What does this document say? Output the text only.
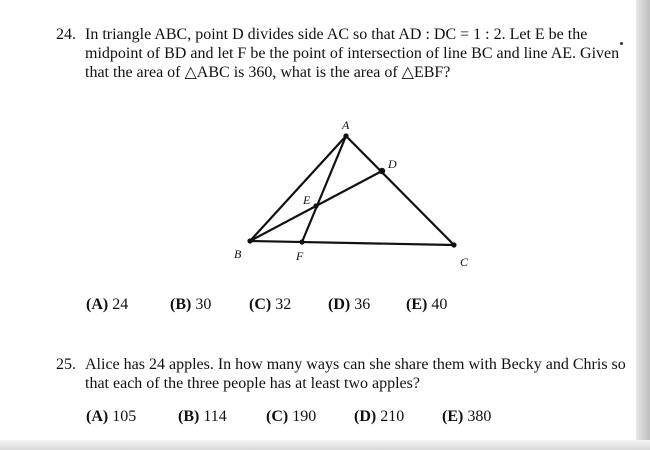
24. In triangle ABC, point D divides side AC so that AD : DC = 1 : 2. Let E be the midpoint of BD and let F be the point of intersection of line BC and line AE. Given that the area of △ABC is 360, what is the area of △EBF?
A
B
C
D
E
F
(A) 24	(B) 30 (C) 32 (D) 36 (E) 40
25. Alice has 24 apples. In how many ways can she share them with Becky and Chris so that each of the three people has at least two apples?
(A) 105	(B) 114 (C) 190 (D) 210 (E) 380
